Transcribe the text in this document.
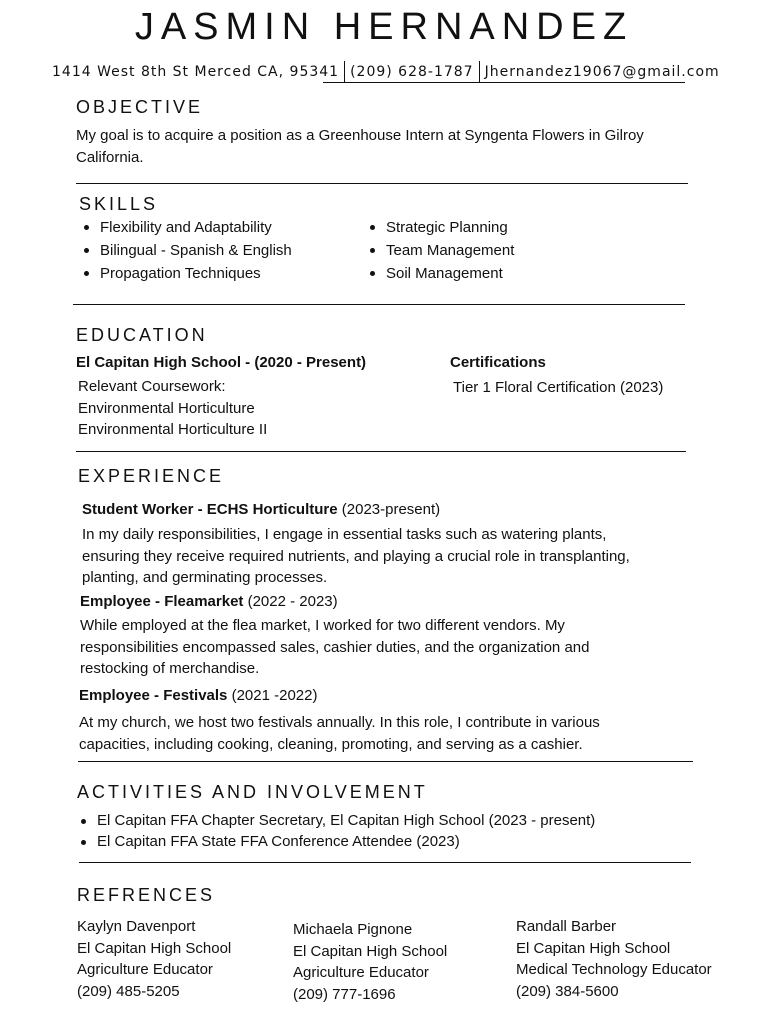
JASMIN HERNANDEZ
1414 West 8th St Merced CA, 95341 (209) 628-1787 Jhernandez19067@gmail.com
OBJECTIVE
My goal is to acquire a position as a Greenhouse Intern at Syngenta Flowers in Gilroy
California.
SKILLS
Flexibility and Adaptability
Bilingual - Spanish & English
Propagation Techniques
Strategic Planning
Team Management
Soil Management
EDUCATION
El Capitan High School - (2020 - Present)
Relevant Coursework:
Environmental Horticulture
Environmental Horticulture II
Certifications
Tier 1 Floral Certification (2023)
EXPERIENCE
Student Worker - ECHS Horticulture (2023-present)
In my daily responsibilities, I engage in essential tasks such as watering plants,
ensuring they receive required nutrients, and playing a crucial role in transplanting,
planting, and germinating processes.
Employee - Fleamarket (2022 - 2023)
While employed at the flea market, I worked for two different vendors. My
responsibilities encompassed sales, cashier duties, and the organization and
restocking of merchandise.
Employee - Festivals (2021 -2022)
At my church, we host two festivals annually. In this role, I contribute in various
capacities, including cooking, cleaning, promoting, and serving as a cashier.
ACTIVITIES AND INVOLVEMENT
El Capitan FFA Chapter Secretary, El Capitan High School (2023 - present)
El Capitan FFA State FFA Conference Attendee (2023)
REFRENCES
Kaylyn Davenport
El Capitan High School
Agriculture Educator
(209) 485-5205
Michaela Pignone
El Capitan High School
Agriculture Educator
(209) 777-1696
Randall Barber
El Capitan High School
Medical Technology Educator
(209) 384-5600
